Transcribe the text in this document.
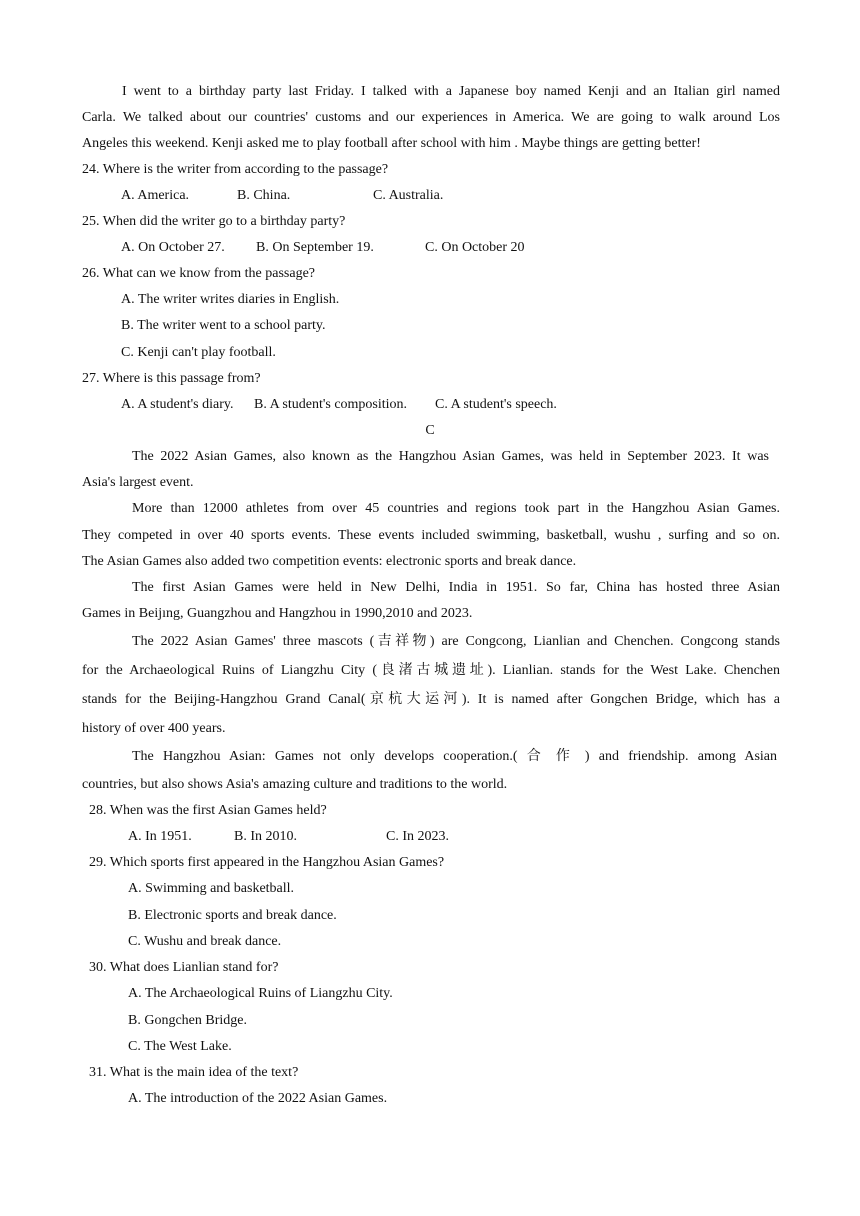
I went to a birthday party last Friday. I talked with a Japanese boy named Kenji and an Italian girl named
Carla. We talked about our countries' customs and our experiences in America. We are going to walk around Los
Angeles this weekend. Kenji asked me to play football after school with him . Maybe things are getting better!
24. Where is the writer from according to the passage?
A. America.	B. China.	C. Australia.
25. When did the writer go to a birthday party?
A. On October 27. B. On September 19.	C. On October 20
26. What can we know from the passage?
A. The writer writes diaries in English.
B. The writer went to a school party.
C. Kenji can't play football.
27. Where is this passage from?
A. A student's diary. B. A student's composition. C. A student's speech.
C
The 2022 Asian Games, also known as the Hangzhou Asian Games, was held in September 2023. It was
Asia's largest event.
More than 12000 athletes from over 45 countries and regions took part in the Hangzhou Asian Games.
They competed in over 40 sports events. These events included swimming, basketball, wushu , surfing and so on.
The Asian Games also added two competition events: electronic sports and break dance.
The first Asian Games were held in New Delhi, India in 1951. So far, China has hosted three Asian
Games in Beijıng, Guangzhou and Hangzhou in 1990,2010 and 2023.
The 2022 Asian Games' three mascots (吉祥物) are Congcong, Lianlian and Chenchen. Congcong stands
for the Archaeological Ruins of Liangzhu City (良渚古城遗址). Lianlian. stands for the West Lake. Chenchen
stands for the Beijing-Hangzhou Grand Canal(京杭大运河). It is named after Gongchen Bridge, which has a
history of over 400 years.
The Hangzhou Asian: Games not only develops cooperation.( 合 作 ) and friendship. among Asian
countries, but also shows Asia's amazing culture and traditions to the world.
28. When was the first Asian Games held?
A. In 1951.	B. In 2010.	C. In 2023.
29. Which sports first appeared in the Hangzhou Asian Games?
A. Swimming and basketball.
B. Electronic sports and break dance.
C. Wushu and break dance.
30. What does Lianlian stand for?
A. The Archaeological Ruins of Liangzhu City.
B. Gongchen Bridge.
C. The West Lake.
31. What is the main idea of the text?
A. The introduction of the 2022 Asian Games.
